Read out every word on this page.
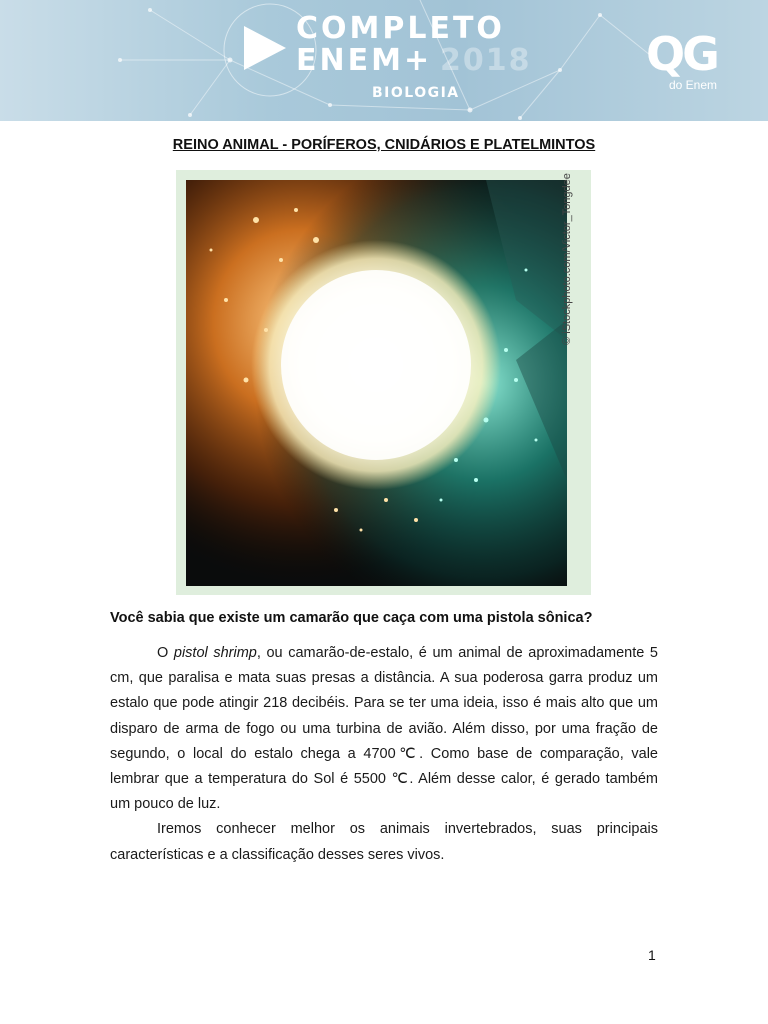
COMPLETO
ENEM+ 2018
BIOLOGIA
QG
do Enem
REINO ANIMAL - PORÍFEROS, CNIDÁRIOS E PLATELMINTOS
© iStockphoto.com/Victor_Tongdee
Você sabia que existe um camarão que caça com uma pistola sônica?

O pistol shrimp, ou camarão-de-estalo, é um animal de aproximadamente 5 cm, que paralisa e mata suas presas a distância. A sua poderosa garra produz um estalo que pode atingir 218 decibéis. Para se ter uma ideia, isso é mais alto que um disparo de arma de fogo ou uma turbina de avião. Além disso, por uma fração de segundo, o local do estalo chega a 4700℃. Como base de comparação, vale lembrar que a temperatura do Sol é 5500 ℃. Além desse calor, é gerado também um pouco de luz.

Iremos conhecer melhor os animais invertebrados, suas principais características e a classificação desses seres vivos.

1
